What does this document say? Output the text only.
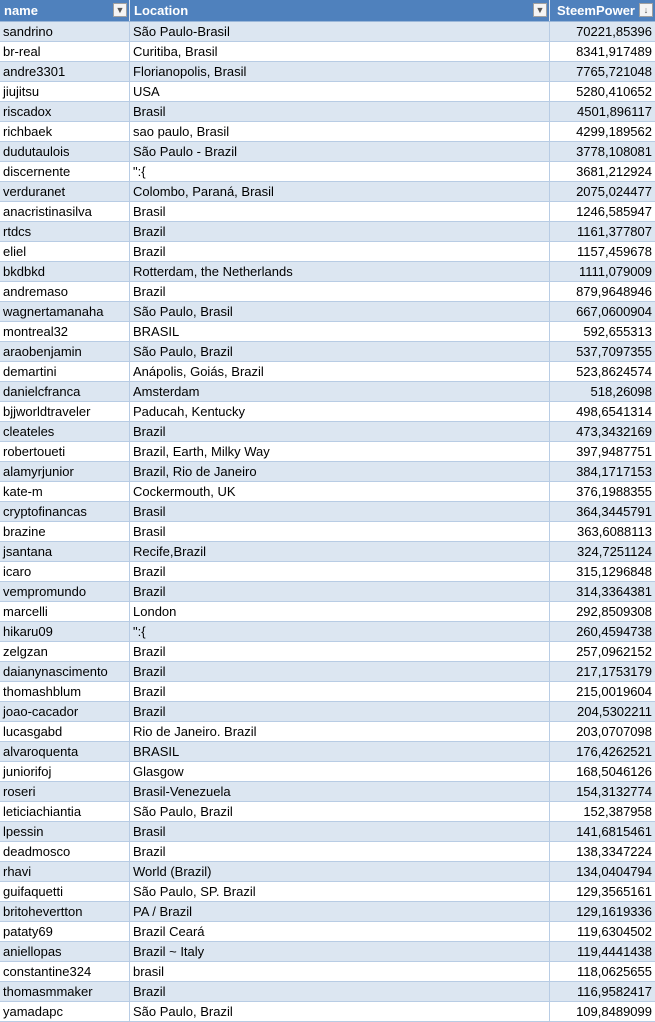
name	▼ Location	▼ SteemPower ↓
sandrino	São Paulo-Brasil	70221,85396
br-real	Curitiba, Brasil	8341,917489
andre3301	Florianopolis, Brasil	7765,721048
jiujitsu	USA	5280,410652
riscadox	Brasil	4501,896117
richbaek	sao paulo, Brasil	4299,189562
dudutaulois	São Paulo - Brazil	3778,108081
discernente	":{	3681,212924
verduranet	Colombo, Paraná, Brasil	2075,024477
anacristinasilva	Brasil	1246,585947
rtdcs	Brazil	1161,377807
eliel	Brazil	1157,459678
bkdbkd	Rotterdam, the Netherlands	1111,079009
andremaso	Brazil	879,9648946
wagnertamanaha	São Paulo, Brasil	667,0600904
montreal32	BRASIL	592,655313
araobenjamin	São Paulo, Brazil	537,7097355
demartini	Anápolis, Goiás, Brazil	523,8624574
danielcfranca	Amsterdam	518,26098
bjjworldtraveler	Paducah, Kentucky	498,6541314
cleateles	Brazil	473,3432169
robertoueti	Brazil, Earth, Milky Way	397,9487751
alamyrjunior	Brazil, Rio de Janeiro	384,1717153
kate-m	Cockermouth, UK	376,1988355
cryptofinancas	Brasil	364,3445791
brazine	Brasil	363,6088113
jsantana	Recife,Brazil	324,7251124
icaro	Brazil	315,1296848
vempromundo	Brazil	314,3364381
marcelli	London	292,8509308
hikaru09	":{	260,4594738
zelgzan	Brazil	257,0962152
daianynascimento	Brazil	217,1753179
thomashblum	Brazil	215,0019604
joao-cacador	Brazil	204,5302211
lucasgabd	Rio de Janeiro. Brazil	203,0707098
alvaroquenta	BRASIL	176,4262521
juniorifoj	Glasgow	168,5046126
roseri	Brasil-Venezuela	154,3132774
leticiachiantia	São Paulo, Brazil	152,387958
lpessin	Brasil	141,6815461
deadmosco	Brazil	138,3347224
rhavi	World (Brazil)	134,0404794
guifaquetti	São Paulo, SP. Brazil	129,3565161
britohevertton	PA / Brazil	129,1619336
pataty69	Brazil Ceará	119,6304502
aniellopas	Brazil ~ Italy	119,4441438
constantine324	brasil	118,0625655
thomasmmaker	Brazil	116,9582417
yamadapc	São Paulo, Brazil	109,8489099
